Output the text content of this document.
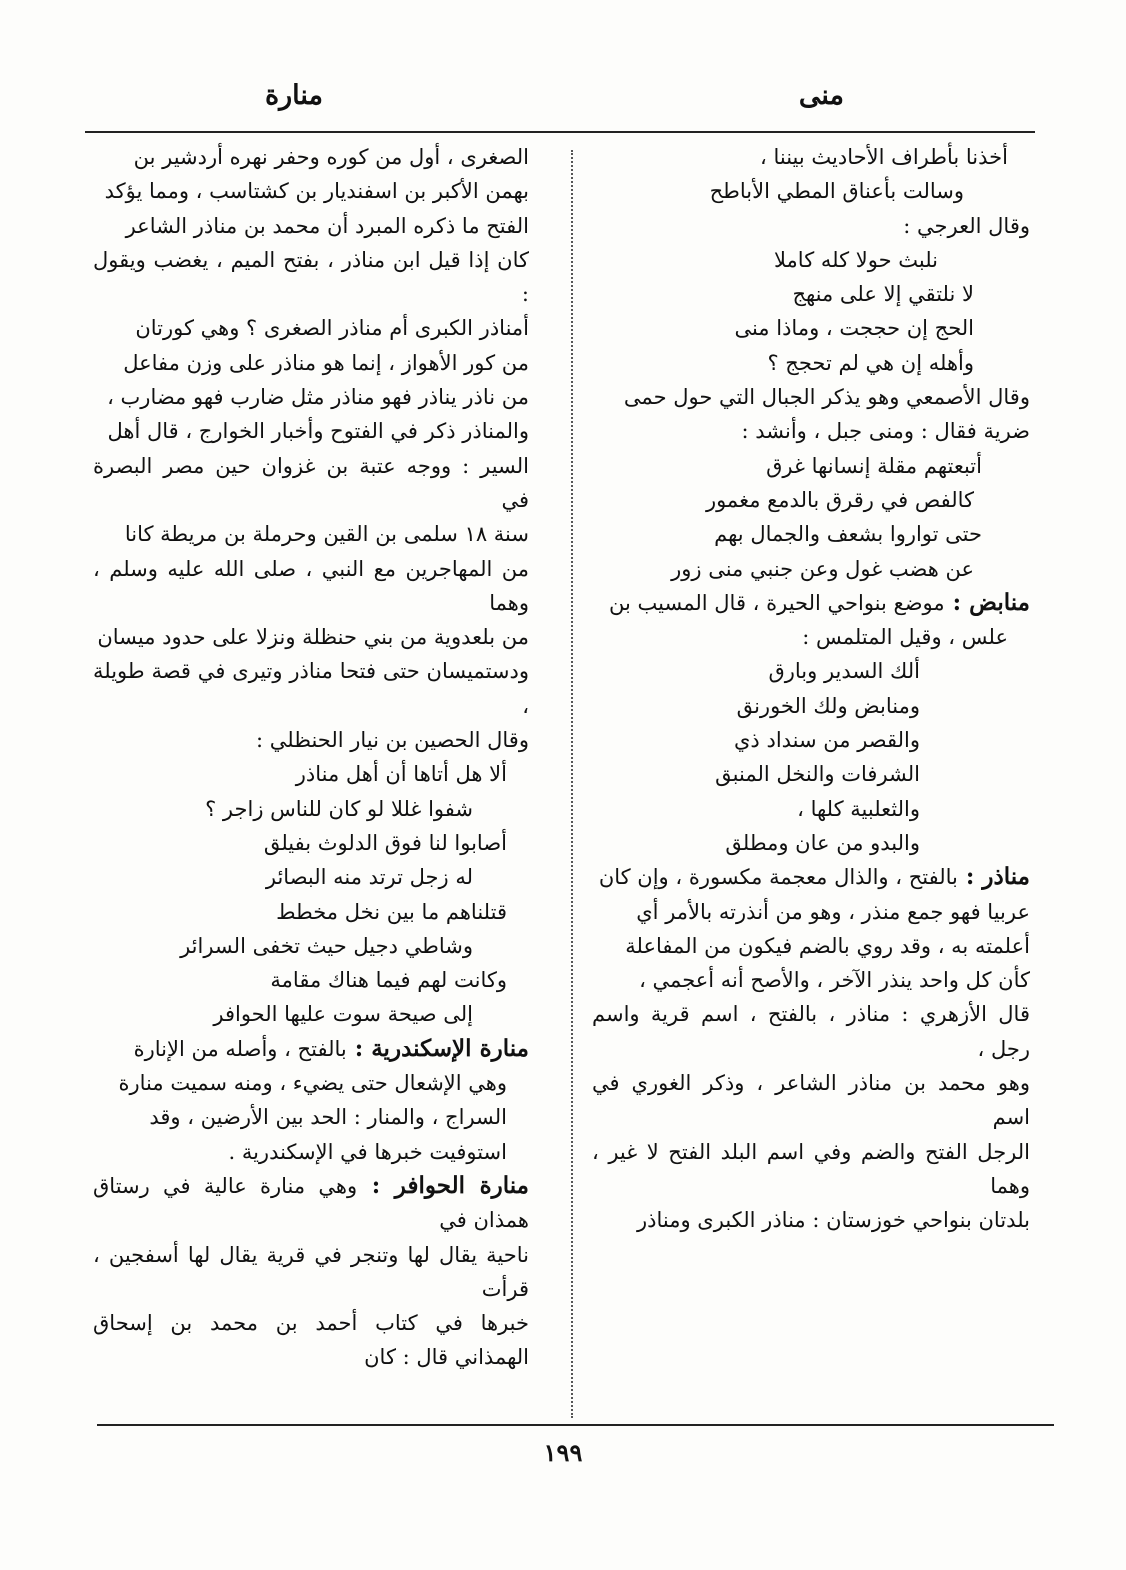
منى
منارة

أخذنا بأطراف الأحاديث بيننا ،

وسالت بأعناق المطي الأباطح

وقال العرجي :

نلبث حولا كله كاملا

لا نلتقي إلا على منهج

الحج إن حججت ، وماذا منى

وأهله إن هي لم تحجج ؟

وقال الأصمعي وهو يذكر الجبال التي حول حمى

ضرية فقال : ومنى جبل ، وأنشد :

أتبعتهم مقلة إنسانها غرق

كالفص في رقرق بالدمع مغمور

حتى تواروا بشعف والجمال بهم

عن هضب غول وعن جنبي منى زور

منابض : موضع بنواحي الحيرة ، قال المسيب بن

علس ، وقيل المتلمس :

ألك السدير وبارق

ومنابض ولك الخورنق

والقصر من سنداد ذي

الشرفات والنخل المنبق

والثعلبية كلها ،

والبدو من عان ومطلق

مناذر : بالفتح ، والذال معجمة مكسورة ، وإن كان

عربيا فهو جمع منذر ، وهو من أنذرته بالأمر أي

أعلمته به ، وقد روي بالضم فيكون من المفاعلة

كأن كل واحد ينذر الآخر ، والأصح أنه أعجمي ،

قال الأزهري : مناذر ، بالفتح ، اسم قرية واسم رجل ،

وهو محمد بن مناذر الشاعر ، وذكر الغوري في اسم

الرجل الفتح والضم وفي اسم البلد الفتح لا غير ، وهما

بلدتان بنواحي خوزستان : مناذر الكبرى ومناذر

الصغرى ، أول من كوره وحفر نهره أردشير بن

بهمن الأكبر بن اسفنديار بن كشتاسب ، ومما يؤكد

الفتح ما ذكره المبرد أن محمد بن مناذر الشاعر

كان إذا قيل ابن مناذر ، بفتح الميم ، يغضب ويقول :

أمناذر الكبرى أم مناذر الصغرى ؟ وهي كورتان

من كور الأهواز ، إنما هو مناذر على وزن مفاعل

من ناذر يناذر فهو مناذر مثل ضارب فهو مضارب ،

والمناذر ذكر في الفتوح وأخبار الخوارج ، قال أهل

السير : ووجه عتبة بن غزوان حين مصر البصرة في

سنة ١٨ سلمى بن القين وحرملة بن مريطة كانا

من المهاجرين مع النبي ، صلى الله عليه وسلم ، وهما

من بلعدوية من بني حنظلة ونزلا على حدود ميسان

ودستميسان حتى فتحا مناذر وتيرى في قصة طويلة ،

وقال الحصين بن نيار الحنظلي :

ألا هل أتاها أن أهل مناذر

شفوا غللا لو كان للناس زاجر ؟

أصابوا لنا فوق الدلوث بفيلق

له زجل ترتد منه البصائر

قتلناهم ما بين نخل مخطط

وشاطي دجيل حيث تخفى السرائر

وكانت لهم فيما هناك مقامة

إلى صيحة سوت عليها الحوافر

منارة الإسكندرية : بالفتح ، وأصله من الإنارة

وهي الإشعال حتى يضيء ، ومنه سميت منارة

السراج ، والمنار : الحد بين الأرضين ، وقد

استوفيت خبرها في الإسكندرية .

منارة الحوافر : وهي منارة عالية في رستاق همذان في

ناحية يقال لها وتنجر في قرية يقال لها أسفجين ، قرأت

خبرها في كتاب أحمد بن محمد بن إسحاق الهمذاني قال : كان

١٩٩
